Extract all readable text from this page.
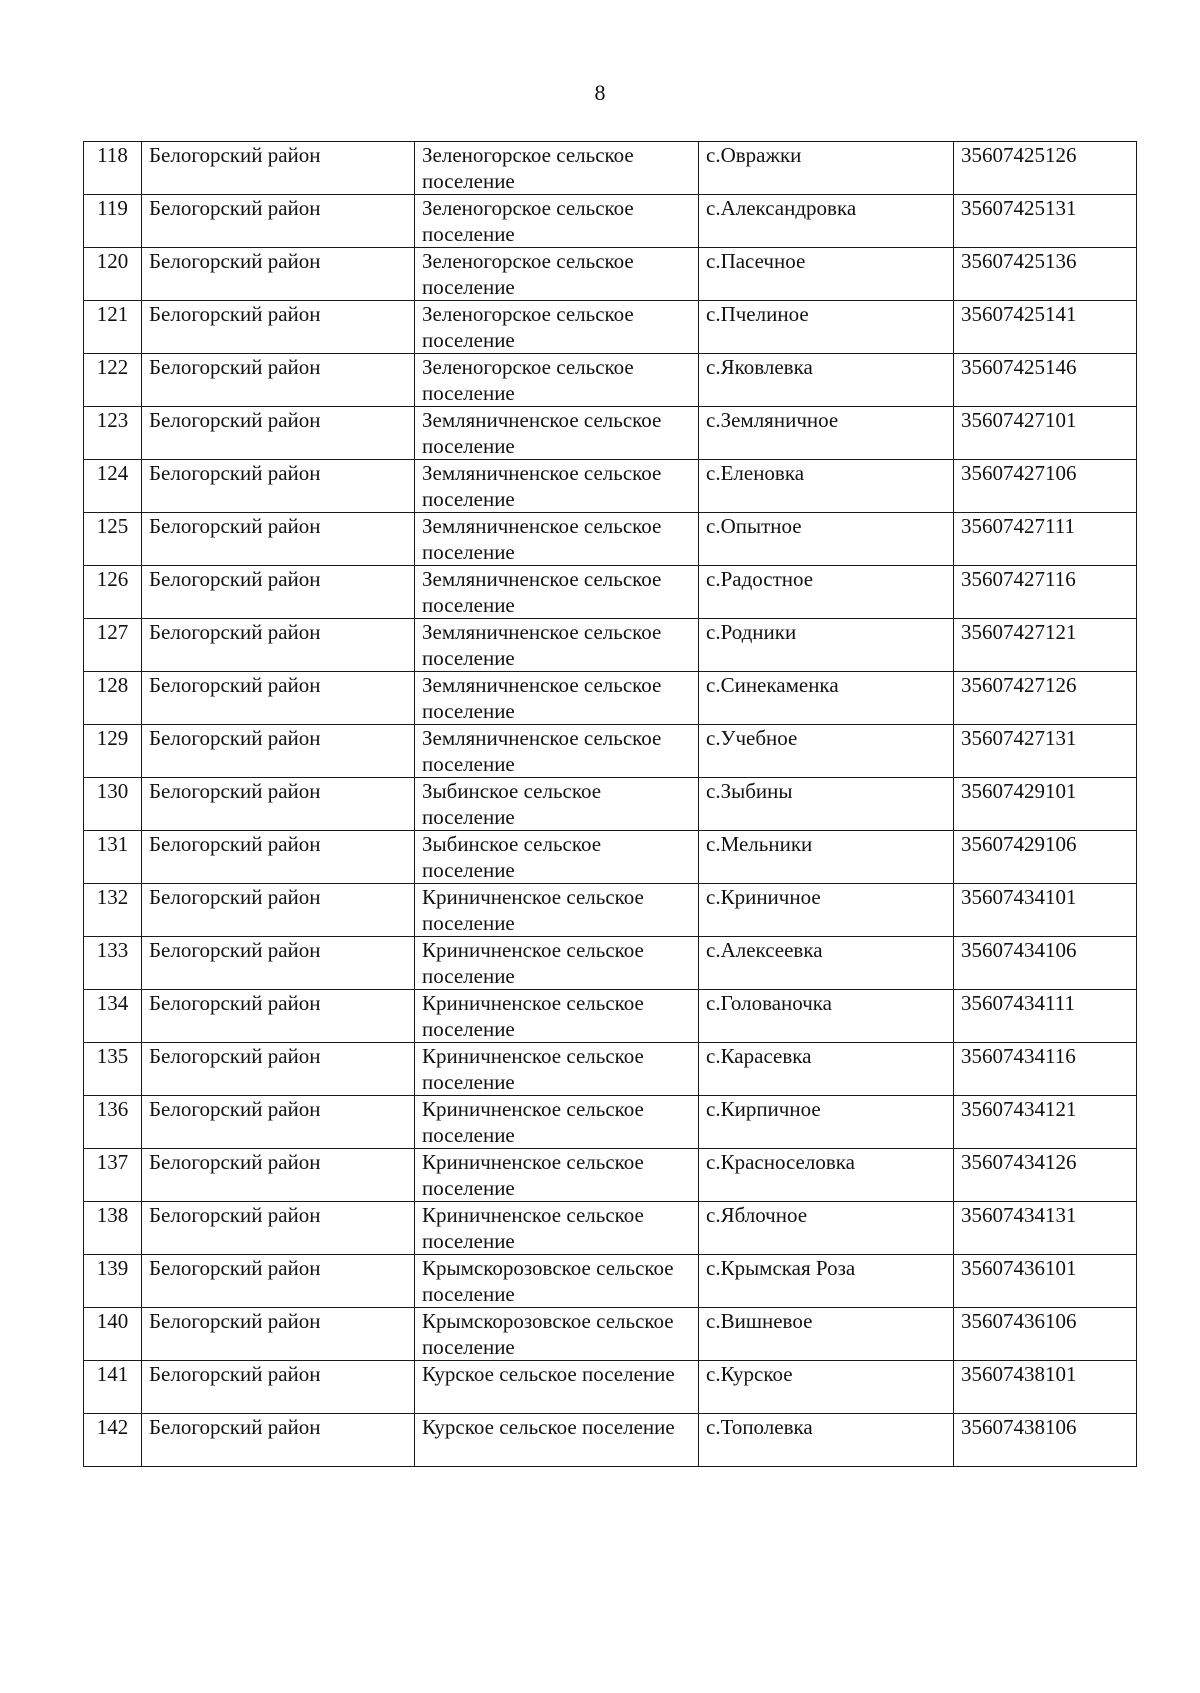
8
118	Белогорский район	Зеленогорское сельское поселение	с.Овражки	35607425126
119	Белогорский район	Зеленогорское сельское поселение	с.Александровка	35607425131
120	Белогорский район	Зеленогорское сельское поселение	с.Пасечное	35607425136
121	Белогорский район	Зеленогорское сельское поселение	с.Пчелиное	35607425141
122	Белогорский район	Зеленогорское сельское поселение	с.Яковлевка	35607425146
123	Белогорский район	Земляничненское сельское поселение	с.Земляничное	35607427101
124	Белогорский район	Земляничненское сельское поселение	с.Еленовка	35607427106
125	Белогорский район	Земляничненское сельское поселение	с.Опытное	35607427111
126	Белогорский район	Земляничненское сельское поселение	с.Радостное	35607427116
127	Белогорский район	Земляничненское сельское поселение	с.Родники	35607427121
128	Белогорский район	Земляничненское сельское поселение	с.Синекаменка	35607427126
129	Белогорский район	Земляничненское сельское поселение	с.Учебное	35607427131
130	Белогорский район	Зыбинское сельское поселение	с.Зыбины	35607429101
131	Белогорский район	Зыбинское сельское поселение	с.Мельники	35607429106
132	Белогорский район	Криничненское сельское поселение	с.Криничное	35607434101
133	Белогорский район	Криничненское сельское поселение	с.Алексеевка	35607434106
134	Белогорский район	Криничненское сельское поселение	с.Голованочка	35607434111
135	Белогорский район	Криничненское сельское поселение	с.Карасевка	35607434116
136	Белогорский район	Криничненское сельское поселение	с.Кирпичное	35607434121
137	Белогорский район	Криничненское сельское поселение	с.Красноселовка	35607434126
138	Белогорский район	Криничненское сельское поселение	с.Яблочное	35607434131
139	Белогорский район	Крымскорозовское сельское поселение	с.Крымская Роза	35607436101
140	Белогорский район	Крымскорозовское сельское поселение	с.Вишневое	35607436106
141	Белогорский район	Курское сельское поселение	с.Курское	35607438101
142	Белогорский район	Курское сельское поселение	с.Тополевка	35607438106
